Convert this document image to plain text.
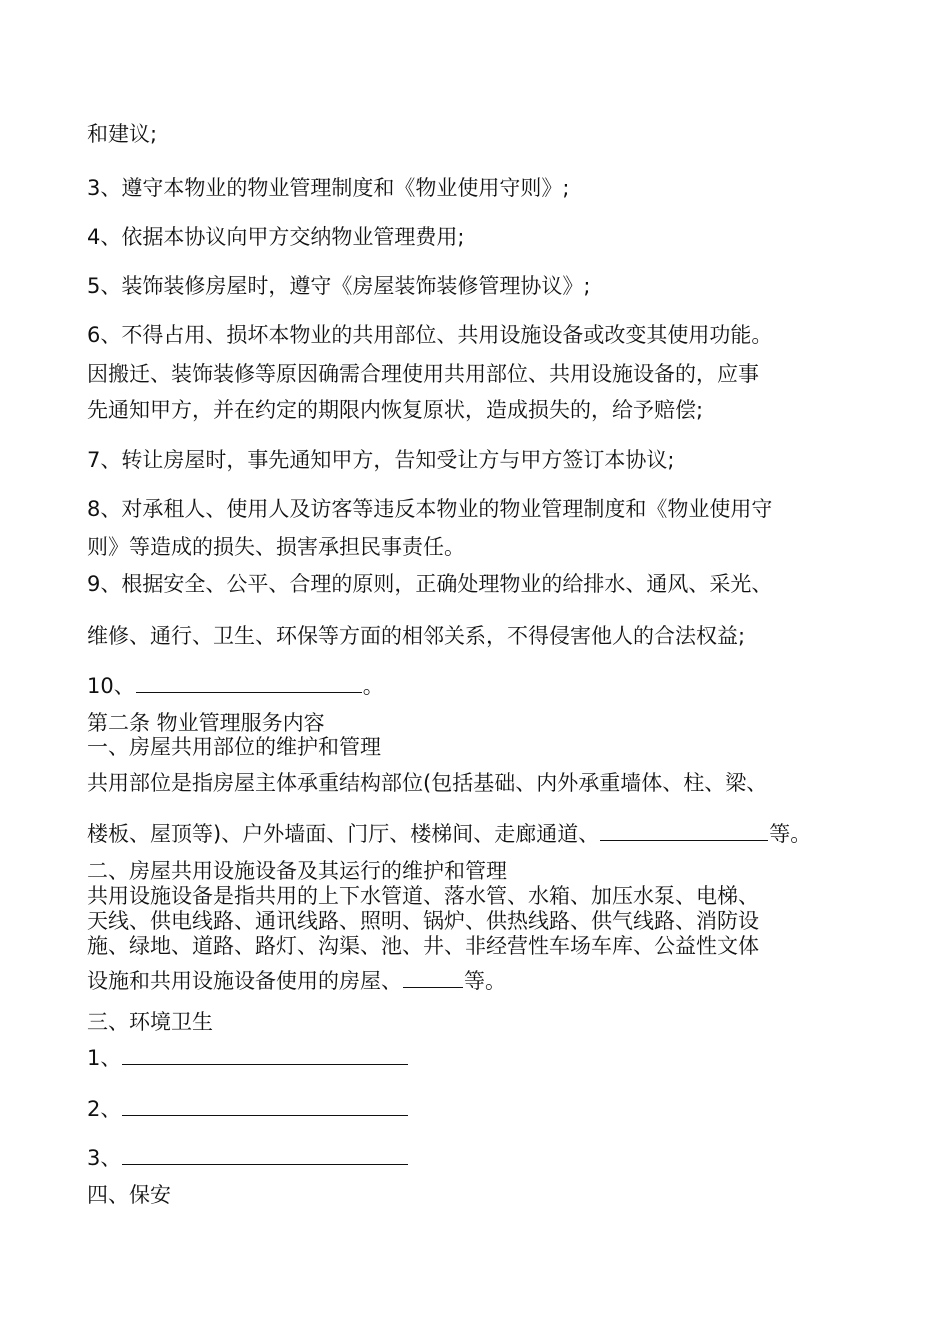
和建议;

3、遵守本物业的物业管理制度和《物业使用守则》;

4、依据本协议向甲方交纳物业管理费用;

5、装饰装修房屋时，遵守《房屋装饰装修管理协议》;

6、不得占用、损坏本物业的共用部位、共用设施设备或改变其使用功能。

因搬迁、装饰装修等原因确需合理使用共用部位、共用设施设备的，应事

先通知甲方，并在约定的期限内恢复原状，造成损失的，给予赔偿;

7、转让房屋时，事先通知甲方，告知受让方与甲方签订本协议;

8、对承租人、使用人及访客等违反本物业的物业管理制度和《物业使用守

则》等造成的损失、损害承担民事责任。

9、根据安全、公平、合理的原则，正确处理物业的给排水、通风、采光、

维修、通行、卫生、环保等方面的相邻关系，不得侵害他人的合法权益;

10、	。

第二条 物业管理服务内容

一、房屋共用部位的维护和管理

共用部位是指房屋主体承重结构部位(包括基础、内外承重墙体、柱、梁、

楼板、屋顶等)、户外墙面、门厅、楼梯间、走廊通道、	等。

二、房屋共用设施设备及其运行的维护和管理

共用设施设备是指共用的上下水管道、落水管、水箱、加压水泵、电梯、

天线、供电线路、通讯线路、照明、锅炉、供热线路、供气线路、消防设

施、绿地、道路、路灯、沟渠、池、井、非经营性车场车库、公益性文体

设施和共用设施设备使用的房屋、	等。

三、环境卫生

1、

2、

3、

四、保安
